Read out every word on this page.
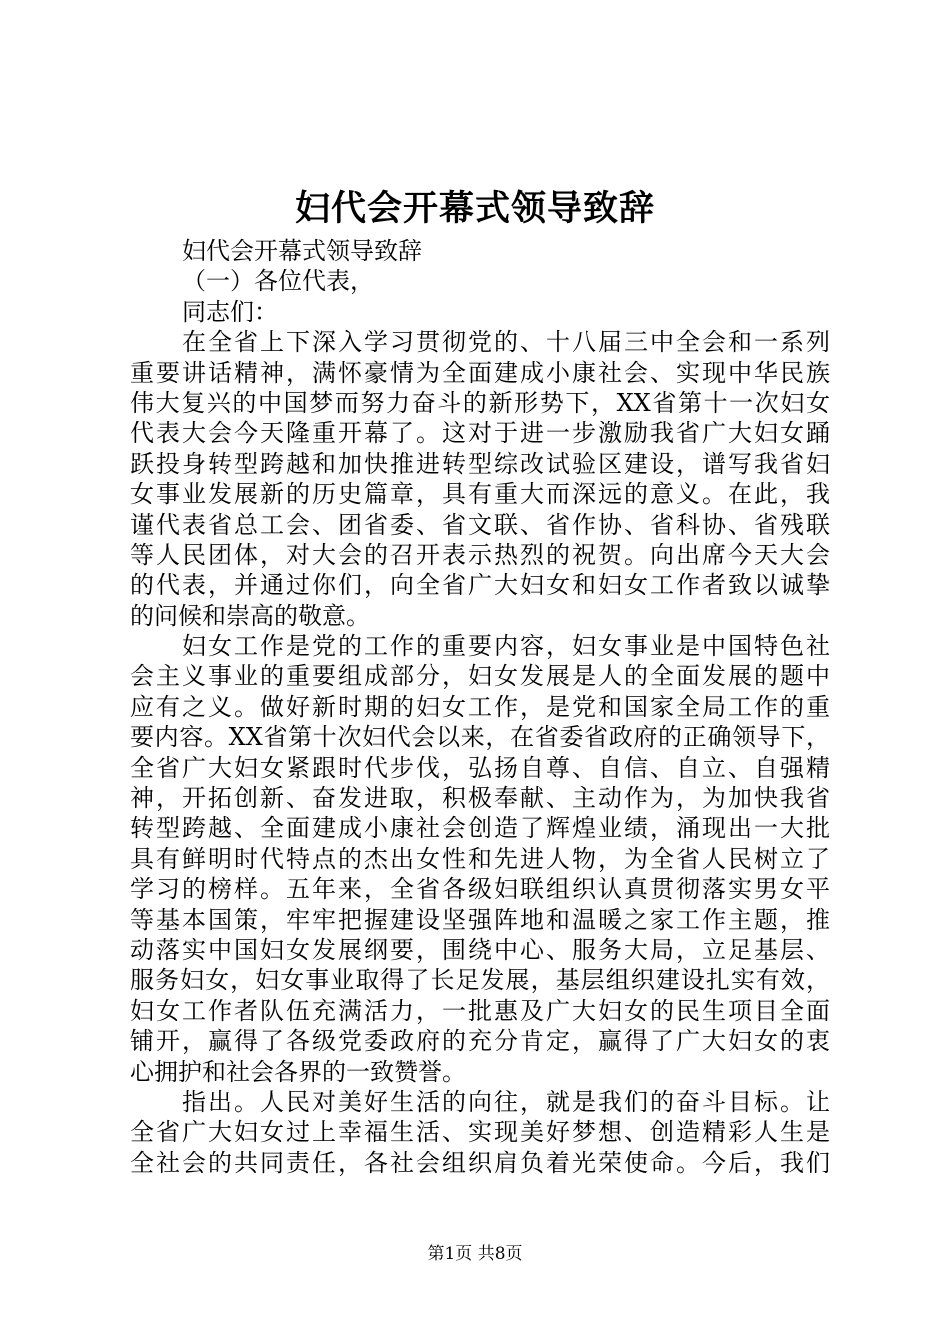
妇代会开幕式领导致辞
妇代会开幕式领导致辞
（一）各位代表，
同志们：
在全省上下深入学习贯彻党的、十八届三中全会和一系列
重要讲话精神，满怀豪情为全面建成小康社会、实现中华民族
伟大复兴的中国梦而努力奋斗的新形势下，XX省第十一次妇女
代表大会今天隆重开幕了。这对于进一步激励我省广大妇女踊
跃投身转型跨越和加快推进转型综改试验区建设，谱写我省妇
女事业发展新的历史篇章，具有重大而深远的意义。在此，我
谨代表省总工会、团省委、省文联、省作协、省科协、省残联
等人民团体，对大会的召开表示热烈的祝贺。向出席今天大会
的代表，并通过你们，向全省广大妇女和妇女工作者致以诚挚
的问候和崇高的敬意。
妇女工作是党的工作的重要内容，妇女事业是中国特色社
会主义事业的重要组成部分，妇女发展是人的全面发展的题中
应有之义。做好新时期的妇女工作，是党和国家全局工作的重
要内容。XX省第十次妇代会以来，在省委省政府的正确领导下，
全省广大妇女紧跟时代步伐，弘扬自尊、自信、自立、自强精
神，开拓创新、奋发进取，积极奉献、主动作为，为加快我省
转型跨越、全面建成小康社会创造了辉煌业绩，涌现出一大批
具有鲜明时代特点的杰出女性和先进人物，为全省人民树立了
学习的榜样。五年来，全省各级妇联组织认真贯彻落实男女平
等基本国策，牢牢把握建设坚强阵地和温暖之家工作主题，推
动落实中国妇女发展纲要，围绕中心、服务大局，立足基层、
服务妇女，妇女事业取得了长足发展，基层组织建设扎实有效，
妇女工作者队伍充满活力，一批惠及广大妇女的民生项目全面
铺开，赢得了各级党委政府的充分肯定，赢得了广大妇女的衷
心拥护和社会各界的一致赞誉。
指出。人民对美好生活的向往，就是我们的奋斗目标。让
全省广大妇女过上幸福生活、实现美好梦想、创造精彩人生是
全社会的共同责任，各社会组织肩负着光荣使命。今后，我们
第1页 共8页
